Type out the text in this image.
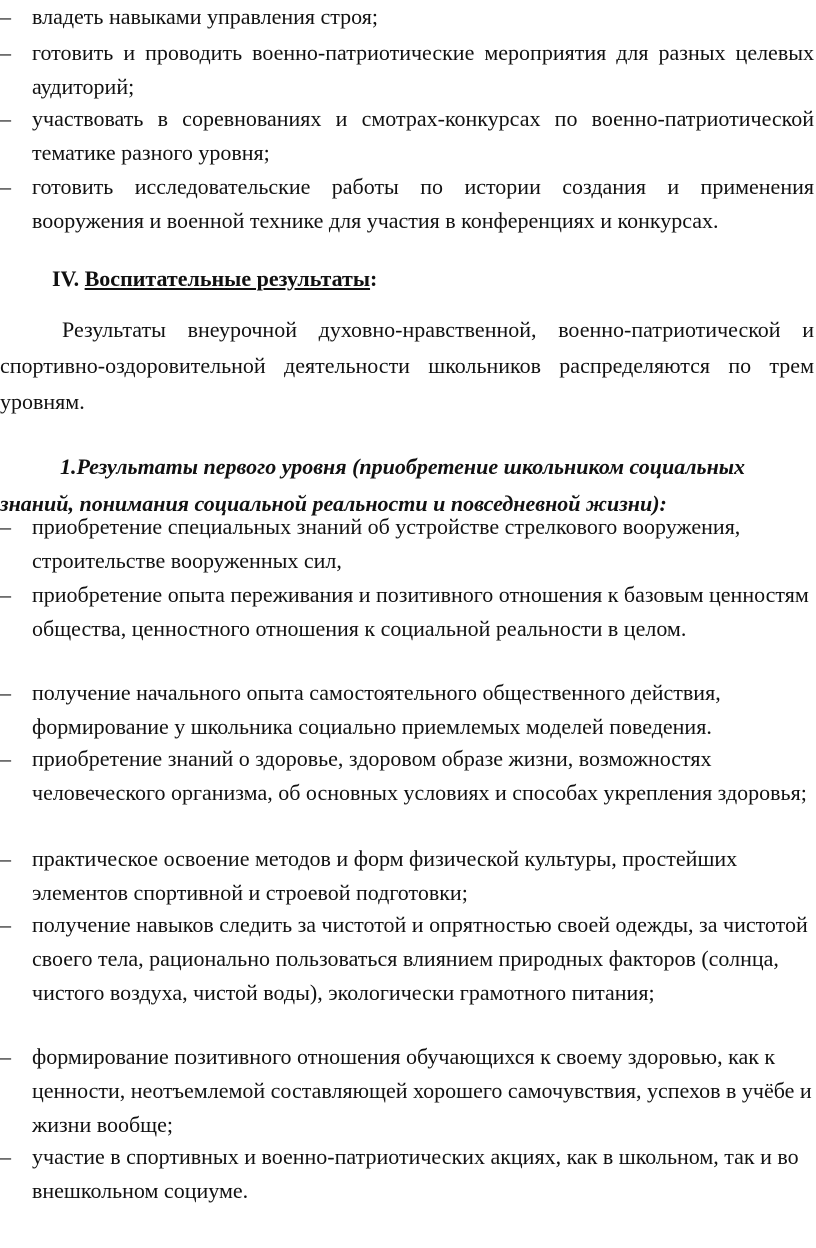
– владеть навыками управления строя;
– готовить и проводить военно-патриотические мероприятия для разных целевых аудиторий;
– участвовать в соревнованиях и смотрах-конкурсах по военно-патриотической тематике разного уровня;
– готовить исследовательские работы по истории создания и применения вооружения и военной технике для участия в конференциях и конкурсах.
IV. Воспитательные результаты:
Результаты внеурочной духовно-нравственной, военно-патриотической и спортивно-оздоровительной деятельности школьников распределяются по трем уровням.
1.Результаты первого уровня (приобретение школьником социальных знаний, понимания социальной реальности и повседневной жизни):
– приобретение специальных знаний об устройстве стрелкового вооружения, строительстве вооруженных сил,
– приобретение опыта переживания и позитивного отношения к базовым ценностям общества, ценностного отношения к социальной реальности в целом.
– получение начального опыта самостоятельного общественного действия, формирование у школьника социально приемлемых моделей поведения.
– приобретение знаний о здоровье, здоровом образе жизни, возможностях человеческого организма, об основных условиях и способах укрепления здоровья;
– практическое освоение методов и форм физической культуры, простейших элементов спортивной и строевой подготовки;
– получение навыков следить за чистотой и опрятностью своей одежды, за чистотой своего тела, рационально пользоваться влиянием природных факторов (солнца, чистого воздуха, чистой воды), экологически грамотного питания;
– формирование позитивного отношения обучающихся к своему здоровью, как к ценности, неотъемлемой составляющей хорошего самочувствия, успехов в учёбе и жизни вообще;
– участие в спортивных и военно-патриотических акциях, как в школьном, так и во внешкольном социуме.
